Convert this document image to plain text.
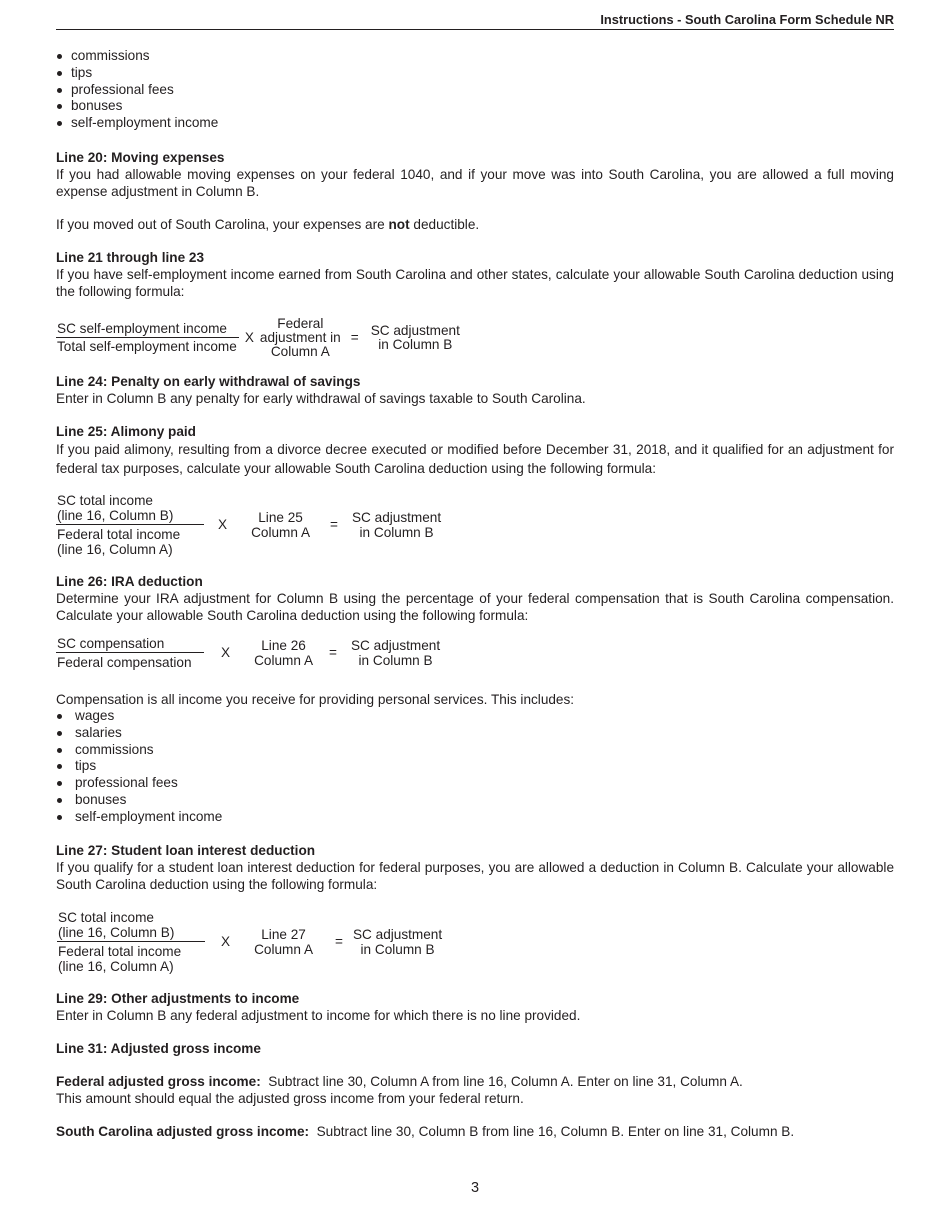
Instructions - South Carolina Form Schedule NR
commissions
tips
professional fees
bonuses
self-employment income
Line 20: Moving expenses

If you had allowable moving expenses on your federal 1040, and if your move was into South Carolina, you are allowed a full moving expense adjustment in Column B.

If you moved out of South Carolina, your expenses are not deductible.

Line 21 through line 23

If you have self-employment income earned from South Carolina and other states, calculate your allowable South Carolina deduction using the following formula:

$\frac{\text{SC self-employment income}}{\text{Total self-employment income}}$ X
Federal
adjustment in
Column A
= SC adjustment
in Column B
Line 24: Penalty on early withdrawal of savings

Enter in Column B any penalty for early withdrawal of savings taxable to South Carolina.

Line 25: Alimony paid

If you paid alimony, resulting from a divorce decree executed or modified before December 31, 2018, and it qualified for an adjustment for federal tax purposes, calculate your allowable South Carolina deduction using the following formula:

SC total income
(line 16, Column B)
Federal total income
(line 16, Column A)	X	Line 25
Column A	=	SC adjustment
in Column B
Line 26: IRA deduction

Determine your IRA adjustment for Column B using the percentage of your federal compensation that is South Carolina compensation. Calculate your allowable South Carolina deduction using the following formula:

$\frac{\text{SC compensation}}{\text{Federal compensation}}$	X	Line 26
Column A	=	SC adjustment
in Column B

Compensation is all income you receive for providing personal services. This includes:

wages
salaries
commissions
tips
professional fees
bonuses
self-employment income
Line 27: Student loan interest deduction

If you qualify for a student loan interest deduction for federal purposes, you are allowed a deduction in Column B. Calculate your allowable South Carolina deduction using the following formula:

SC total income
(line 16, Column B)
Federal total income
(line 16, Column A)	X	Line 27
Column A	= SC adjustment
in Column B
Line 29: Other adjustments to income

Enter in Column B any federal adjustment to income for which there is no line provided.

Line 31: Adjusted gross income

Federal adjusted gross income: Subtract line 30, Column A from line 16, Column A. Enter on line 31, Column A.

This amount should equal the adjusted gross income from your federal return.

South Carolina adjusted gross income: Subtract line 30, Column B from line 16, Column B. Enter on line 31, Column B.

3
